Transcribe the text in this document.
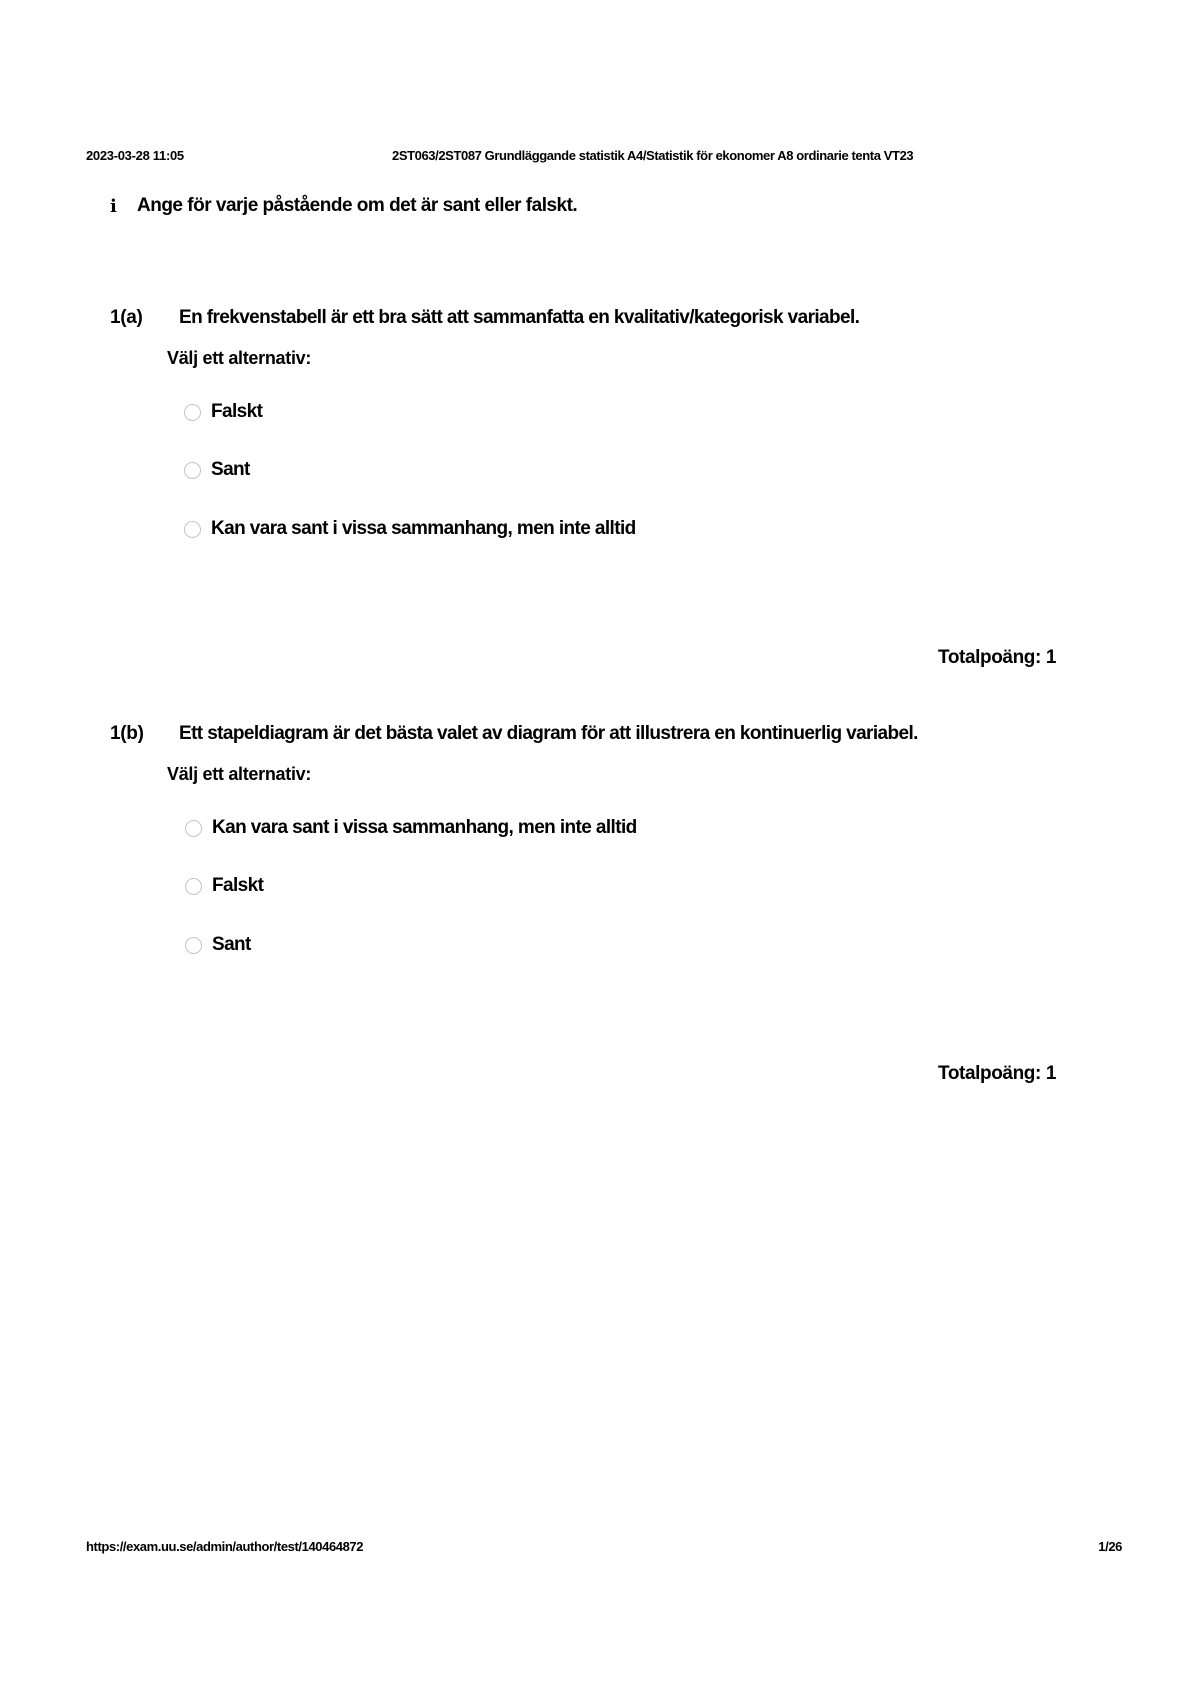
2023-03-28 11:05	2ST063/2ST087 Grundläggande statistik A4/Statistik för ekonomer A8 ordinarie tenta VT23
i Ange för varje påstående om det är sant eller falskt.
1(a) En frekvenstabell är ett bra sätt att sammanfatta en kvalitativ/kategorisk variabel.
Välj ett alternativ:
Falskt
Sant
Kan vara sant i vissa sammanhang, men inte alltid
Totalpoäng: 1
1(b) Ett stapeldiagram är det bästa valet av diagram för att illustrera en kontinuerlig variabel.
Välj ett alternativ:
Kan vara sant i vissa sammanhang, men inte alltid
Falskt
Sant
Totalpoäng: 1
https://exam.uu.se/admin/author/test/140464872	1/26
